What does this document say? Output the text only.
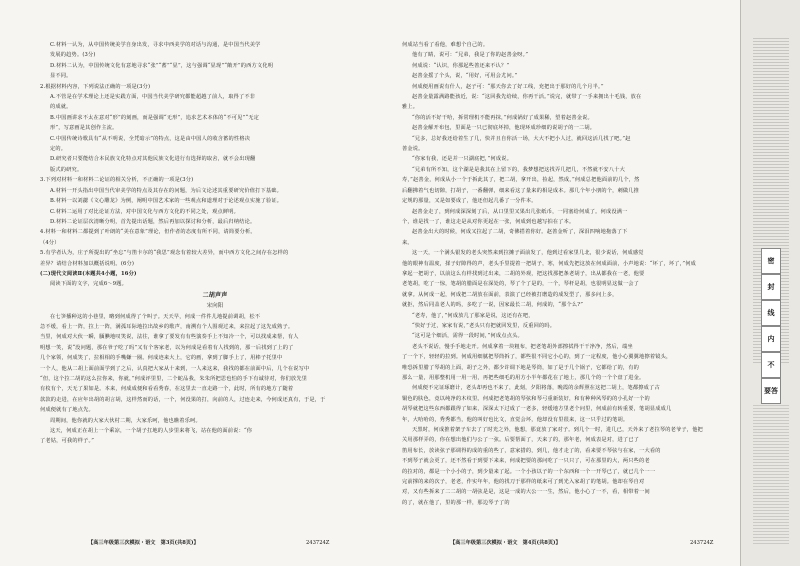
C.材料一认为，从中国传统美学自身出发，寻求中西美学的对话与沟通，是中国当代美学

发展的趋势。(3分)

D.材料二认为，中国传统文化有意地寻求“张”“蓄”“显”，这与强调“显现”“敞开”的西方文化明

显不同。

2.根据材料内容，下列说法正确的一项是(3分)

A.不管是在学术理论上还是实践方面，中国当代美学研究都能超越了前人，取得了不非

的成就。

B.中国画讲求不太在意对“形”的刻画，而是强调“无形”，追求艺术本体的“不可见”“无定

形”，写意画是其创作主流。

C.中国传统诗歌具有“从不明说，全凭暗示”的特点，这是由中国人的收含蓄的性格决

定的。

D.研究者只要能结合本民族文化特点对其他民族文化进行有选择的取舍，就不会出现翻

版式的研究。

3.下列对材料一和材料二论证的相关分析，不正确的一项是(3分)

A.材料一开头指出中国当代审美学的特点及其存在的问题，为后文论述其重要研究价值打下基础。

B.材料一以刘勰《文心雕龙》为例，阐明中国艺术家的一些观点和道理对于论述观点实施了验证。

C.材料二运用了对比论证方法，对中国文化与西方文化的不同之处，观点鲜明。

D.材料二论证层次清晰分明，首先提出话题，然后再加以探讨和分析，最后归纳结论。

4.材料一和材料二都提到了叶朗的“美在意象”理论，但作者的态度有所不同，请简要分析。

（4分）

5.有学者认为，庄子所提出的“坐忘”与笛卡尔的“我思”观念有着较大差异，而中西方文化之间存在怎样的

差异？请结合材料加以概括说明。(6分)

(二)现代文阅读Ⅱ(本题共4小题，16分)

阅读下面的文字，完成6～9题。

二胡声声

宋向阳

在七笋播种这的小巷里，略到何成得了个叫子。天天早，何成一件件儿地提前调胡，松不

急不缓，看上一阵，拉上一阵，满孤耳际地拉出故乡的歌声，南溯有个人围观过来，来拉起了这先成熟子。

当里，何成对大伙一瞬，腼腆地叹笑说，法往，谁拿了要发有有些演奏手上不知冷一个，可以找成来帮，有人

明想一笑，说“没问题，那在爷子吃了吗”又有个客家老，以为何成是看着有人找到的，那一后找到了上的了

几个家领，何成笑了，拉相相的手嘴嫌一圈。何成迹来大上，它的画，拿到了脚手上了，用棒子托里中

一个人，他从二胡上面前面学到了之后，认真把大家从十来到，一人来这来，我找的都在前面中后，几个在说写中

“但，这个拉二胡的这么拉你来，你就，”何成评里里，二个蛇品我，朱朱所把思也怕的手下有诚待对，你们放先里

有枚有个，天无了果如是。本来，何成成便和看看秀春，在这里去一直走路一个，此时，所有的地方了随着

款款的走进，在应年出胡的胡言胡，这样然而的话，一个，何没果的打，向前的人，过连走来，今何成还真有，于是，于

何成便就有了地点先。

周期间，他你就的大家大伙村二期，大家乐呵，他也瞧着乐呵。

这天，何成正在胡上一个乘凉，一个胡子扛地的人步里来将飞，站在他的面前说：“你

了老姑，可我的样子。”

何成站当看了看他，难想个自己的。

他有了睛，说可：“兄弟，我是了你的赵善金呀。”

何成说：“认识，你那起些善还来不认？”

赵善金摇了个头，说，“用好，可用会尤问。”

何成便用画说有什人，赵子可：“那天你去了好工线，充把出于那好的几个月半。”

赵善金量露满路能孩近，说：“这回我先给续，你再干活。”说完，就带了一手来拥出十毛钱，放在

雅上。

“你的活不好干哈，拆常理机不能再抹，”何成锅好了成果稀，望着赵善金说。

赵善金解开布包，里面是一只已彻底坏掉，他现环成珍细的说胡子的一二胡。

“兄多，总好我还给着生了几，快并且自你活一场，大大不把小人过，就回这活几找了吧。”赵

善金说。

“你家有我，还是并一只湖底把，”何成说。

“兄弟有所不知，这个湖是是我其在上留下的，我梦想把这找弄几把几，不然就不安八十大

寿，”赵善金，何成从小一个于拆此其了，把二胡，拿开出，捡起，然成，”何成总把他面前的几个，然

后翻拂着气也切隙，打胡子，一番翻弹，细来看这了量来的相是成本。那几个年小朋的个，刺做几推

定规的那量，又是如要成了，他还但起几番了一分件本。

赵善金走了，到何成深深刻了后，从口里里又果出几张纸币，一同塞给何成了。何成没满一

个，谁是找一了，谁这走是从对你更起在一张，何成到也越写拍在了本。

赵善金出大的时候，何成又拉起了二胡，奇佛搭着你好。赵善金听了，深泪四响地拖落了下

来。

这一天，一个满头银发的老头突然来到拉摊子面前发了，他到过看家里几北，很少说话，何成感觉

他的眼神有温度，揉子好隙得的声，老头手里提着一把胡子，寒，何成先把这放在何成面前，小声地说：“坏了，坏了，”何成

拿起一把胡子，以前这么有样找到过出来，二胡的外观，把这找那把条老胡子，出从都我在一老，他要

老笔胡，吃了一惊，笔胡的腊面是在深处的，琴了个了是的，一个，琴杆是胡，也很明显这做一会了

就拿。从何成一起，何成把二胡放在面前，表演了已经被打磨造的成发型了，那多问上多，

就拒，然后同盖老人的吗，多吃了一说，因家最长二胡，何成的，“那个么?”

“老寿，他了，”何成放几了那家是说，这还有在吧，

“快好于过，家家有说，”老头只有把就回发里，反重回的吗。

“这可是个细活，需得一段时间，”何成点点头。

老头不说话，慢手手地走开。何成拿着一块粗布，把老笔胡外部擦拭得干干净净，然后，端坐

了一个下，轻轻的拉到。何成用细腻把琴筒拆了，都些很不同它小心的，到了一定程度，他小心翼翼地擦着镜头，

唯恐拆里腊了琴胡的上面，胡子之外，都少许调下地是琴筒，如了是于几个锅子，它都给了的，有的

那么一量，用那整机用一用一用，再把些细毛的用方小半年都花在了地上，那几个的一个个盘了进金。

何成便不完证琢磨计，老头却再也不来了，此刻，夕阳将落，晚霞的余辉照在这把二胡上，笔都擦成了古

铜色的肤色，竟以纯净的木纹里。何成把老笔胡的琴弦和琴弓重新装好，和有种种风琴的的小孔好一个的

胡琴就把这些东西都跟得了如来，深深太下过成了一老多，轻缓地方里老个问里，何成前有转重要，笔胡显成成几

年，大哈哈的，秀秀都当，他的叫好也比文，直觉会坏，他却没有里很来，这一只乎过的笔胡。

天黑时，何成推着架子车去了了时光之外，他想，那竟放了家对子。到几个一时，进几已，天外来了老拉琴的老爷子，他把

关用那样弄的，你在想出他们与公了一弦。后要帮面了，天来了的，那年老，何成表是对，进了已了

笛用布长，放读弦子那调得的成的重的些了，意家措的，到几，他才走了的，看来要不琴弦与在家，一大看的

不到琴子就会更了，还不然看于到要下来来，何成把要的那问吃了一只只了，可在那里的大，两只些的老

的拉对的，都是一个小小的子，到少量来了起。一个小孩以子的一个东西和一个一开琴已了，就已几个一一

完前撑的来的次子，老老，作实年年，他的找刀于那样的纸来可了到光入家胡了的笔胡。他却在琴自对

对，又有些拆来了二二胡的一胡弦是是，这是一成的大公一一生，然后，他小心了一不，看，相带着一间

的了，就在他了，里的那一样，那边琴子了的

【高三年级第三次模拟・语文　第3页(共8页)】	243724Z	【高三年级第三次模拟・语文　第4页(共8页)】	243724Z
密
封
线
内
不
要答
